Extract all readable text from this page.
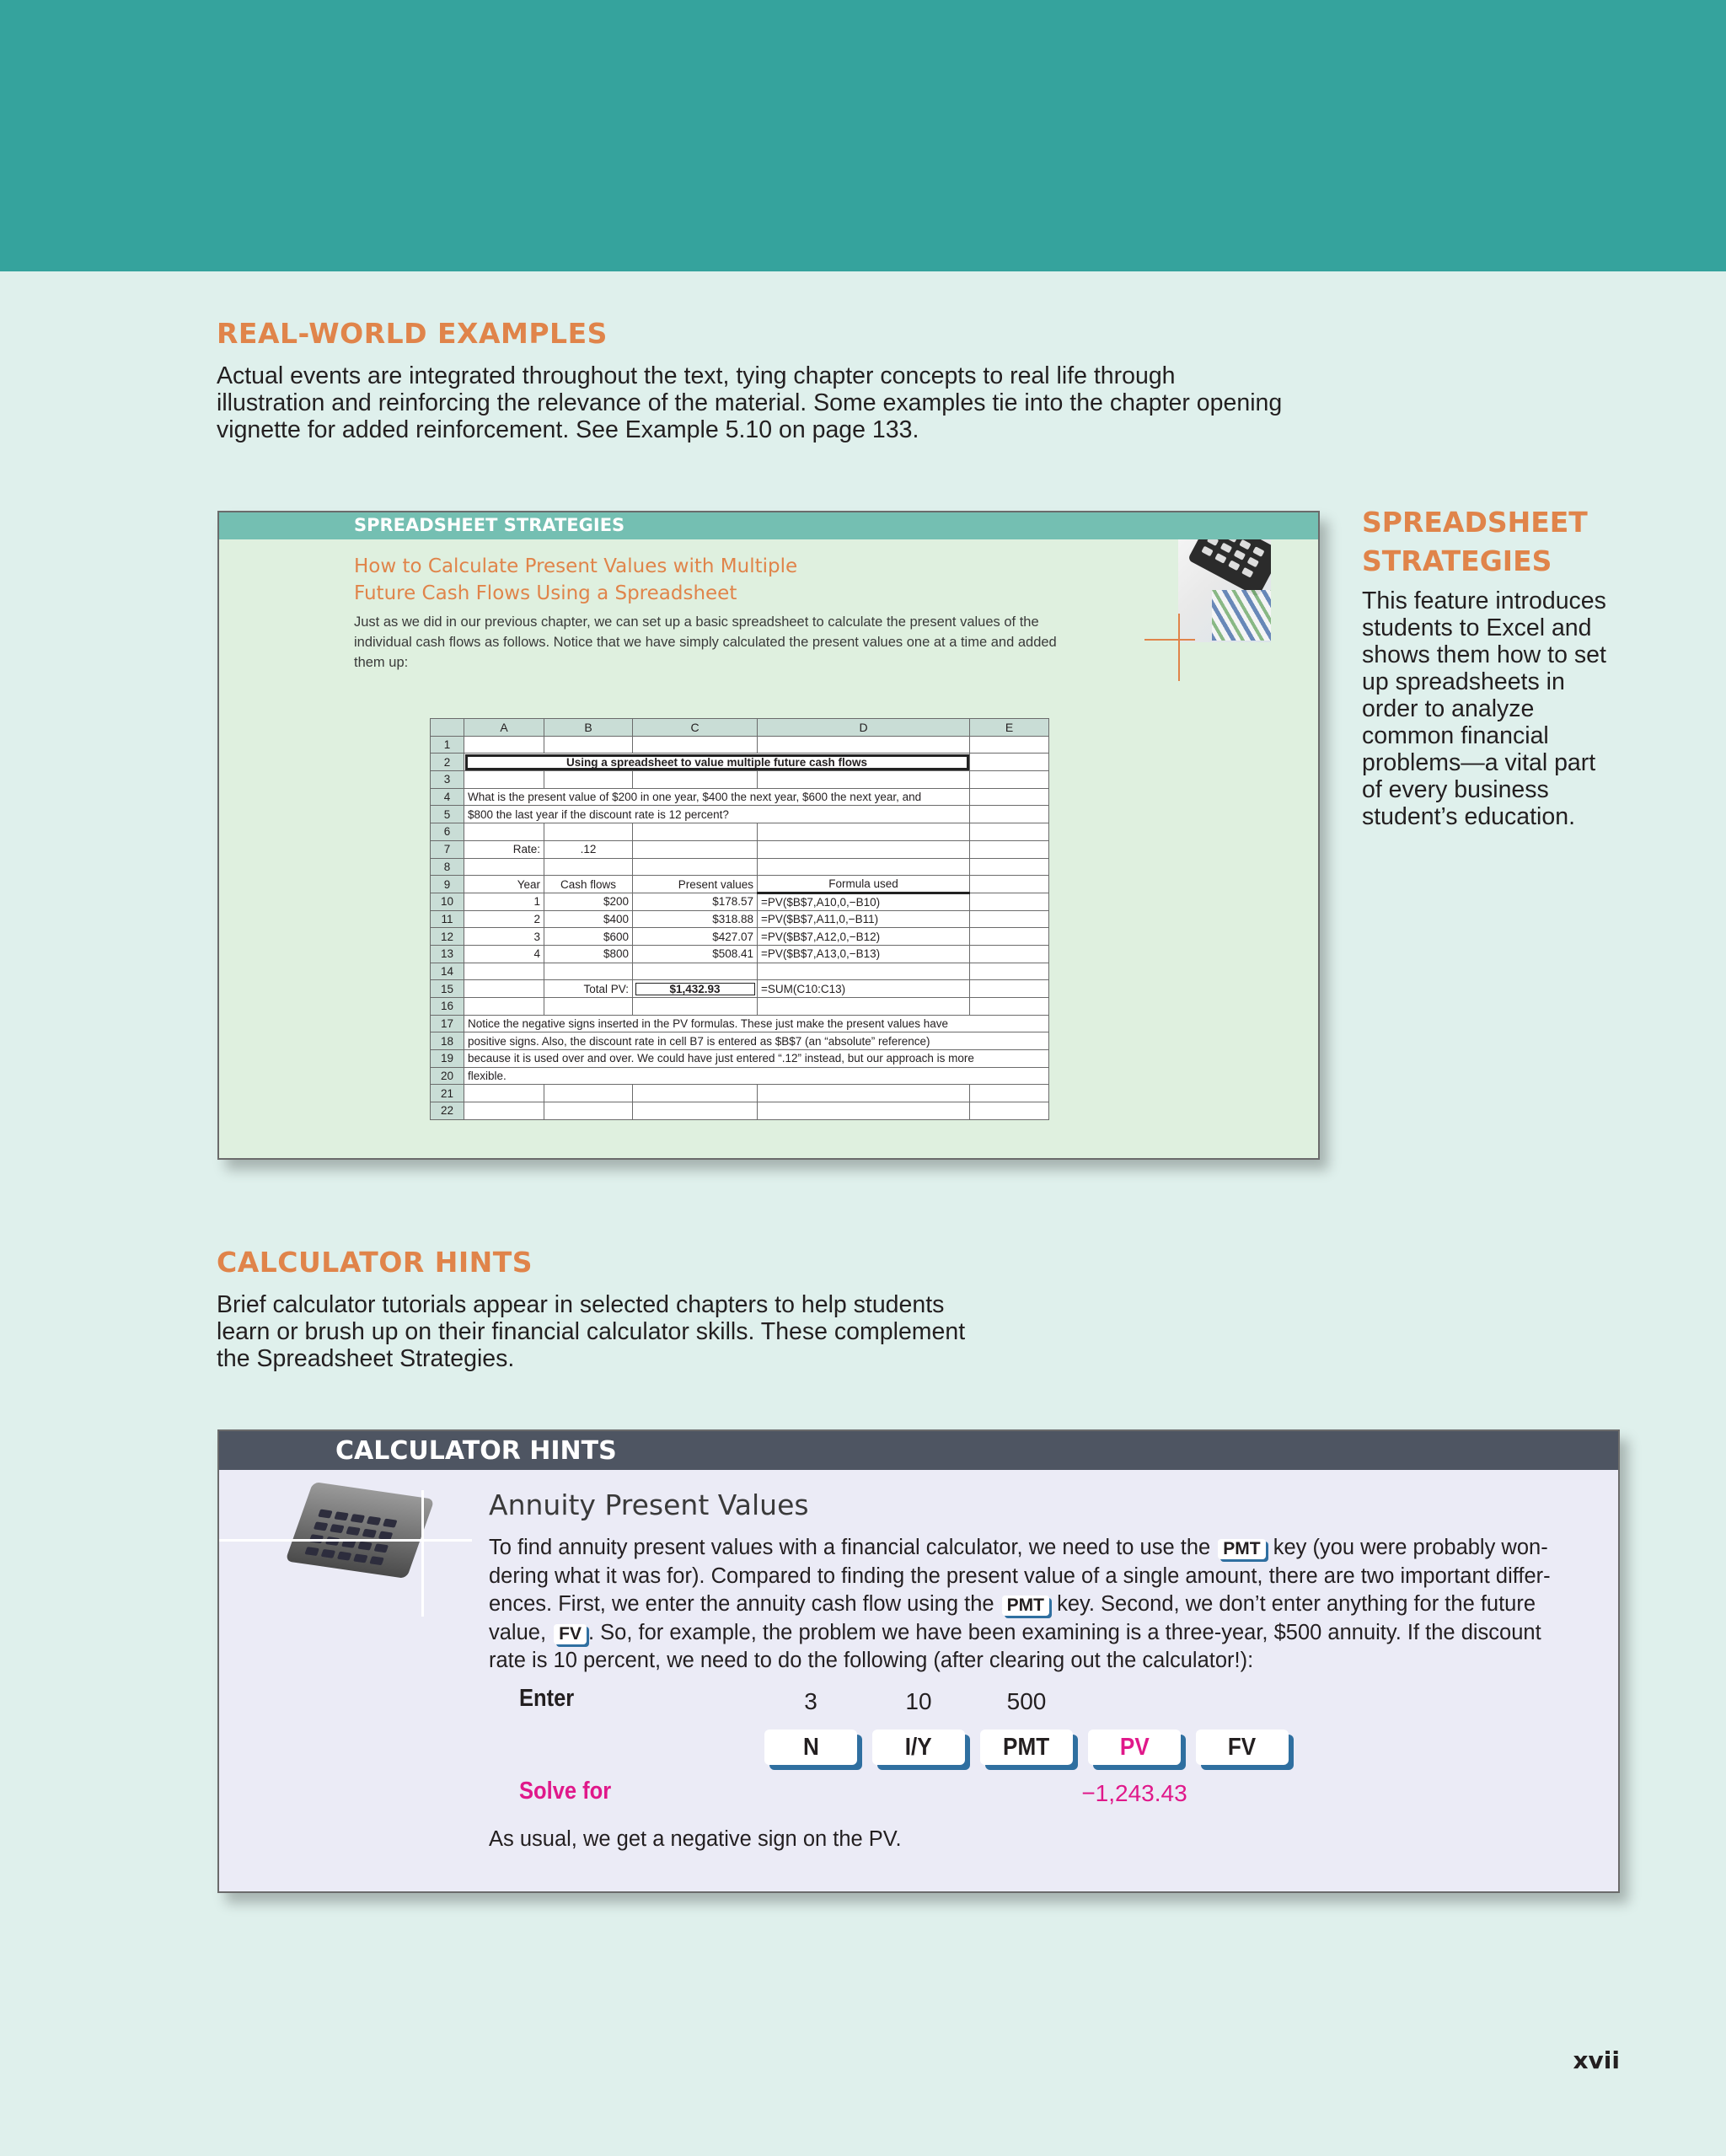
REAL-WORLD EXAMPLES
Actual events are integrated throughout the text, tying chapter concepts to real life through
illustration and reinforcing the relevance of the material. Some examples tie into the chapter opening
vignette for added reinforcement. See Example 5.10 on page 133.
SPREADSHEET STRATEGIES
How to Calculate Present Values with Multiple
Future Cash Flows Using a Spreadsheet
Just as we did in our previous chapter, we can set up a basic spreadsheet to calculate the present values of the
individual cash flows as follows. Notice that we have simply calculated the present values one at a time and added
them up:
	A	B	C	D	E
1					
2	Using a spreadsheet to value multiple future cash flows				
3					
4	What is the present value of $200 in one year, $400 the next year, $600 the next year, and				
5	$800 the last year if the discount rate is 12 percent?				
6					
7	Rate:	.12			
8					
9	Year	Cash flows	Present values	Formula used	
10	1	$200	$178.57	=PV($B$7,A10,0,−B10)	
11	2	$400	$318.88	=PV($B$7,A11,0,−B11)	
12	3	$600	$427.07	=PV($B$7,A12,0,−B12)	
13	4	$800	$508.41	=PV($B$7,A13,0,−B13)	
14					
15		Total PV:	$1,432.93	=SUM(C10:C13)	
16					
17	Notice the negative signs inserted in the PV formulas. These just make the present values have				
18	positive signs. Also, the discount rate in cell B7 is entered as $B$7 (an “absolute” reference)				
19	because it is used over and over. We could have just entered “.12” instead, but our approach is more				
20	flexible.				
21					
22					
SPREADSHEET
STRATEGIES
This feature introduces
students to Excel and
shows them how to set
up spreadsheets in
order to analyze
common financial
problems—a vital part
of every business
student’s education.
CALCULATOR HINTS
Brief calculator tutorials appear in selected chapters to help students
learn or brush up on their financial calculator skills. These complement
the Spreadsheet Strategies.
CALCULATOR HINTS
Annuity Present Values
To find annuity present values with a financial calculator, we need to use the PMT key (you were probably won-
dering what it was for). Compared to finding the present value of a single amount, there are two important differ-
ences. First, we enter the annuity cash flow using the PMT key. Second, we don’t enter anything for the future
value, FV . So, for example, the problem we have been examining is a three-year, $500 annuity. If the discount
rate is 10 percent, we need to do the following (after clearing out the calculator!):
Enter	3	10	500
N	I/Y	PMT	PV	FV
Solve for	−1,243.43
As usual, we get a negative sign on the PV.
xvii
